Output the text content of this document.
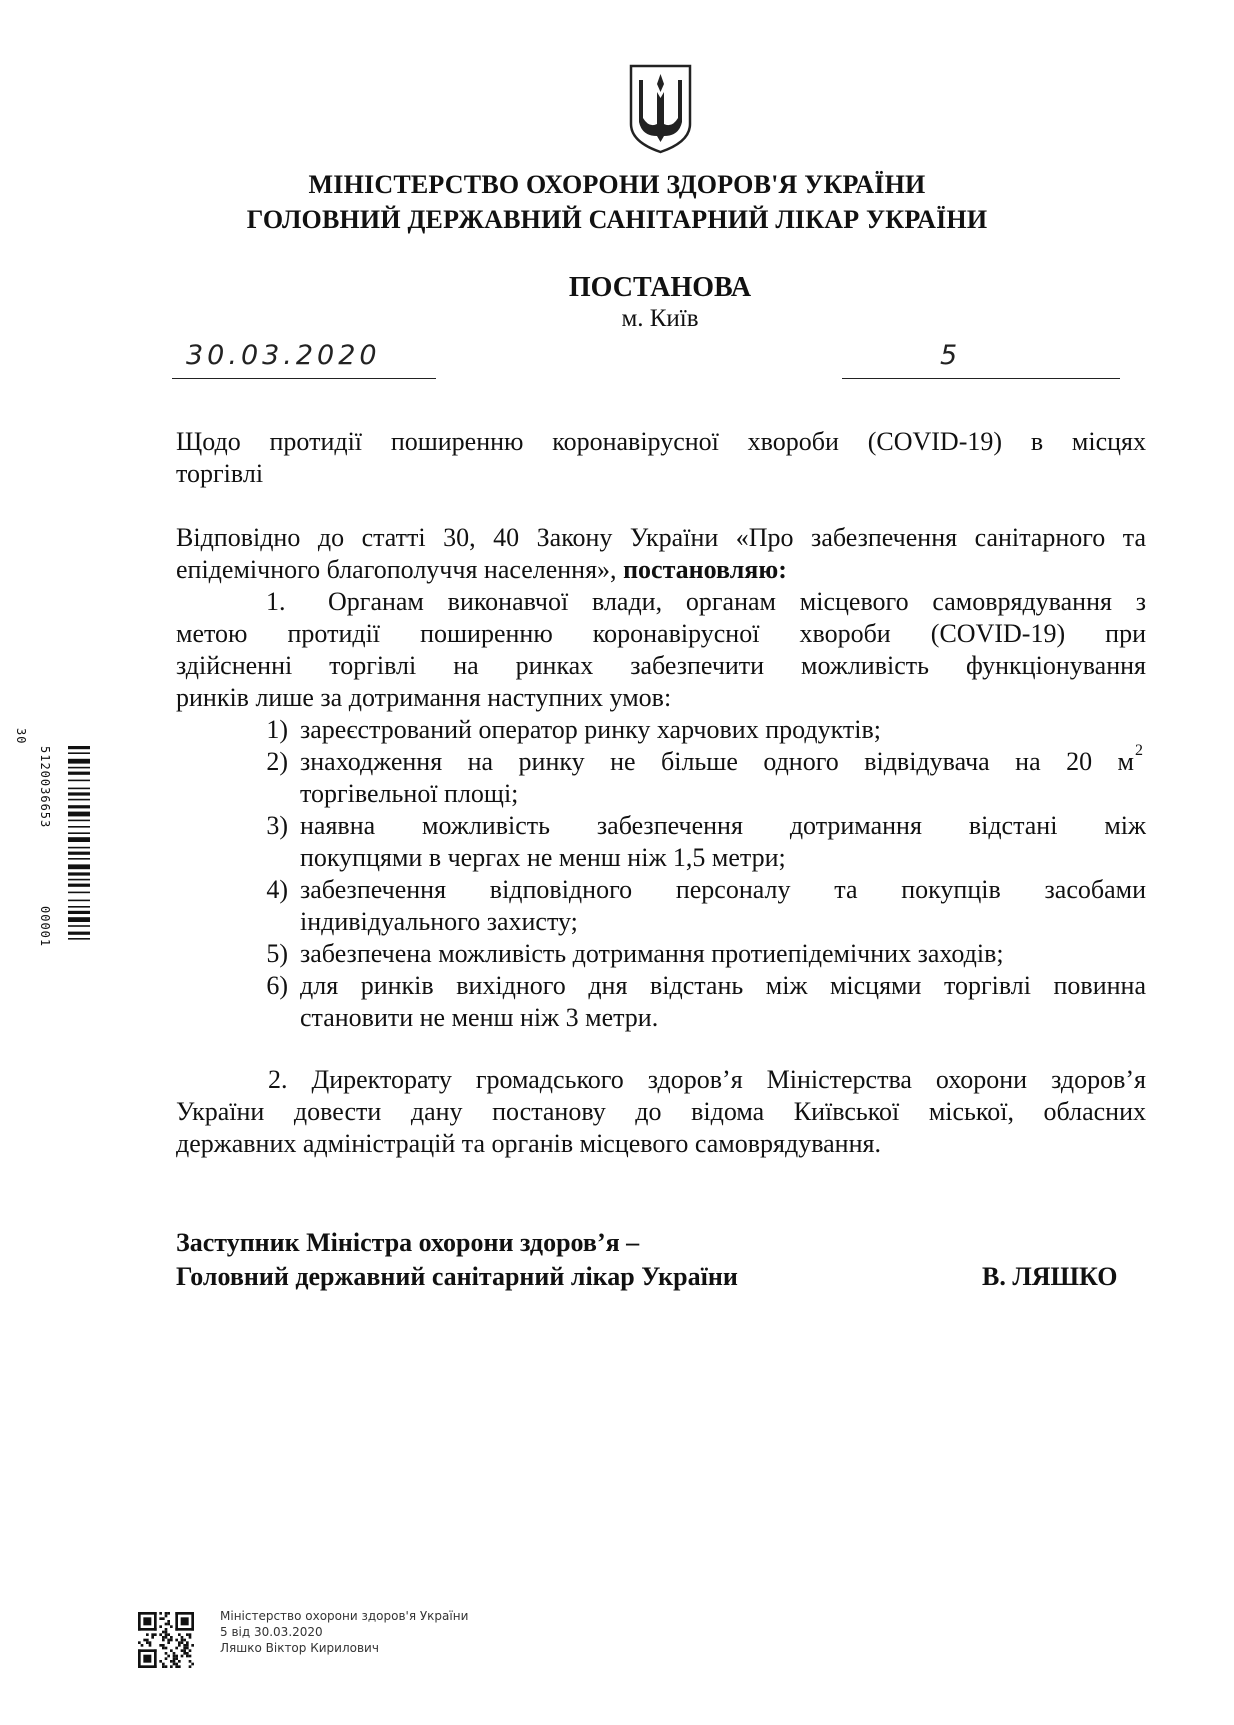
МІНІСТЕРСТВО ОХОРОНИ ЗДОРОВ'Я УКРАЇНИ
ГОЛОВНИЙ ДЕРЖАВНИЙ САНІТАРНИЙ ЛІКАР УКРАЇНИ
ПОСТАНОВА
м. Київ
30.03.2020	5
Щодо протидії поширенню коронавірусної хвороби (COVID-19) в місцях
торгівлі
Відповідно до статті 30, 40 Закону України «Про забезпечення санітарного та
епідемічного благополуччя населення», постановляю:
1. Органам виконавчої влади, органам місцевого самоврядування з
метою протидії поширенню коронавірусної хвороби (COVID-19) при
здійсненні торгівлі на ринках забезпечити можливість функціонування
ринків лише за дотримання наступних умов:
1) зареєстрований оператор ринку харчових продуктів;
2) знаходження на ринку не більше одного відвідувача на 20 м 2
торгівельної площі;
3) наявна можливість забезпечення дотримання відстані між
покупцями в чергах не менш ніж 1,5 метри;
4) забезпечення відповідного персоналу та покупців засобами
індивідуального захисту;
5) забезпечена можливість дотримання протиепідемічних заходів;
6) для ринків вихідного дня відстань між місцями торгівлі повинна
становити не менш ніж 3 метри.
2. Директорату громадського здоров’я Міністерства охорони здоров’я
України довести дану постанову до відома Київської міської, обласних
державних адміністрацій та органів місцевого самоврядування.
Заступник Міністра охорони здоров’я –
Головний державний санітарний лікар України	В. ЛЯШКО
30
5120036653
00001
Міністерство охорони здоров'я України
5 від 30.03.2020
Ляшко Віктор Кирилович
